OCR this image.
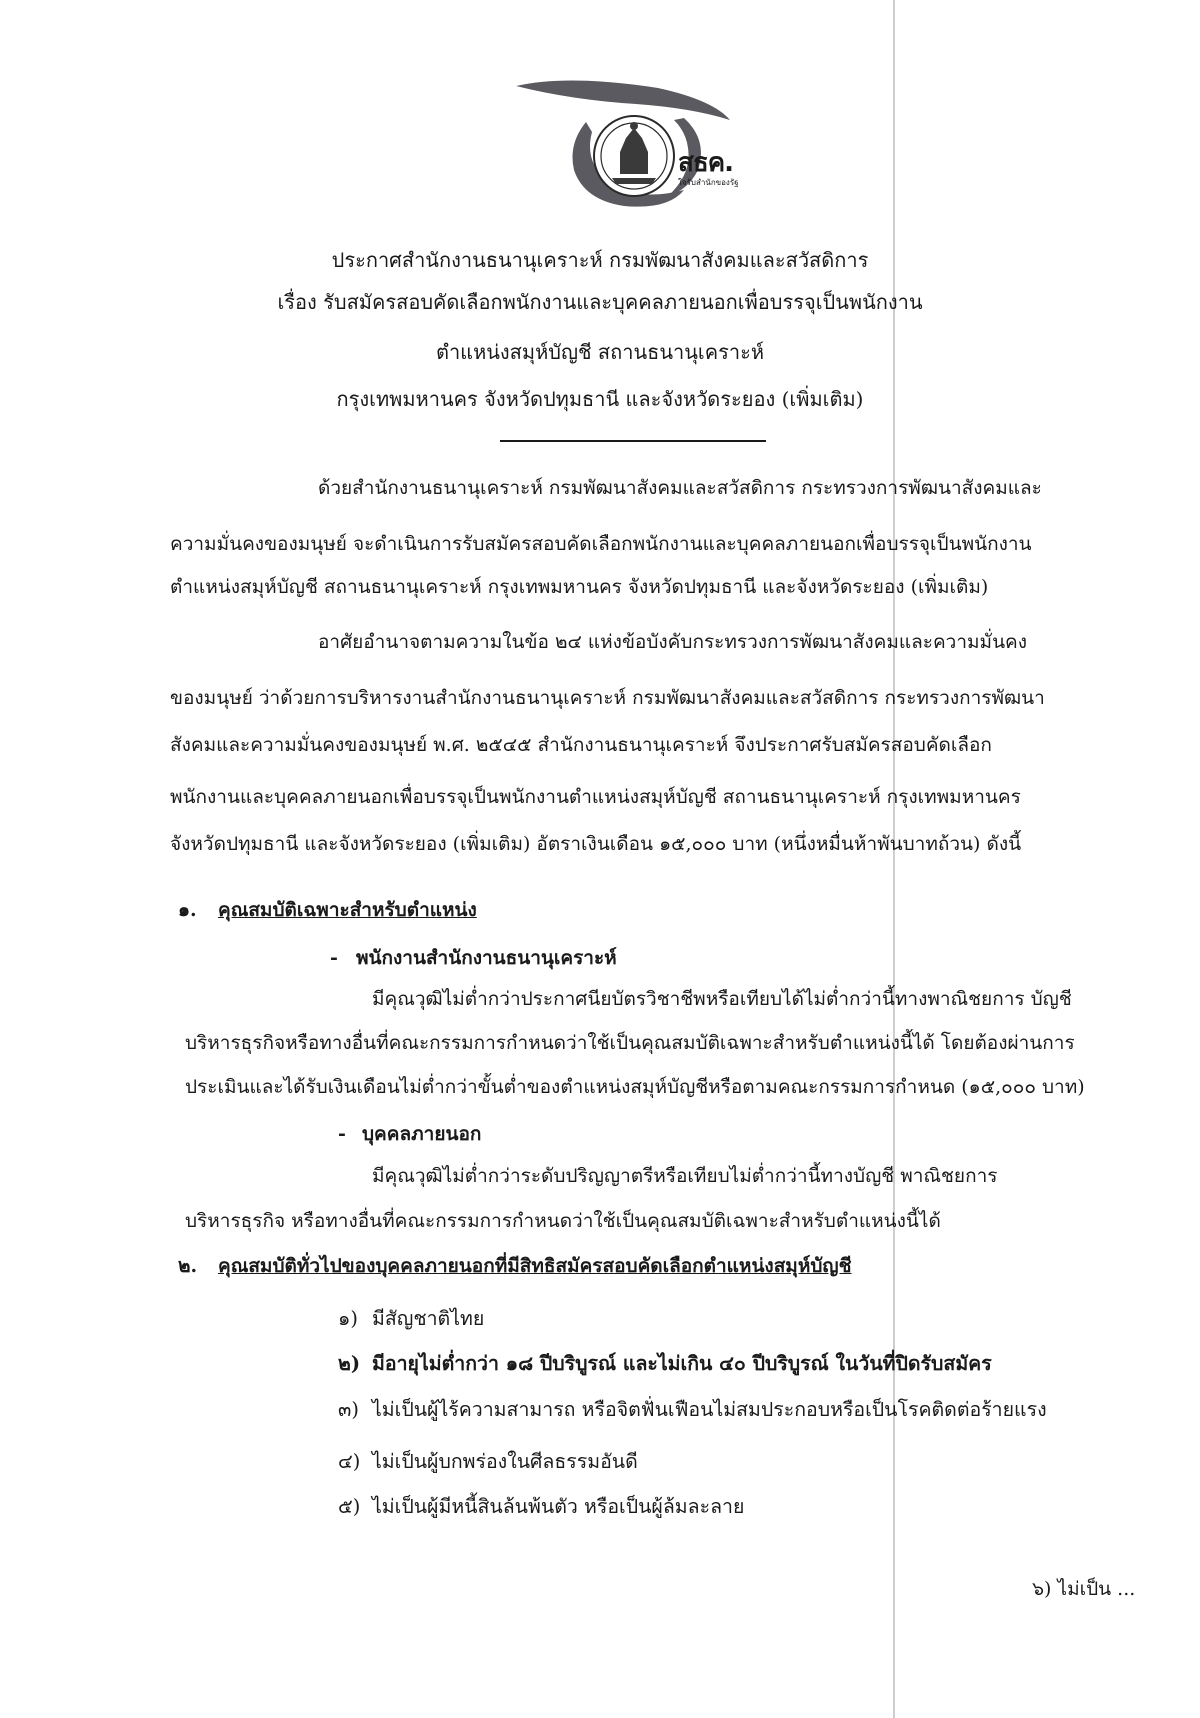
สธค.
ใจรับสำนักของรัฐ
ประกาศสำนักงานธนานุเคราะห์ กรมพัฒนาสังคมและสวัสดิการ
เรื่อง รับสมัครสอบคัดเลือกพนักงานและบุคคลภายนอกเพื่อบรรจุเป็นพนักงาน
ตำแหน่งสมุห์บัญชี สถานธนานุเคราะห์
กรุงเทพมหานคร จังหวัดปทุมธานี และจังหวัดระยอง (เพิ่มเติม)
ด้วยสำนักงานธนานุเคราะห์ กรมพัฒนาสังคมและสวัสดิการ กระทรวงการพัฒนาสังคมและ
ความมั่นคงของมนุษย์ จะดำเนินการรับสมัครสอบคัดเลือกพนักงานและบุคคลภายนอกเพื่อบรรจุเป็นพนักงาน
ตำแหน่งสมุห์บัญชี สถานธนานุเคราะห์ กรุงเทพมหานคร จังหวัดปทุมธานี และจังหวัดระยอง (เพิ่มเติม)
อาศัยอำนาจตามความในข้อ ๒๔ แห่งข้อบังคับกระทรวงการพัฒนาสังคมและความมั่นคง
ของมนุษย์ ว่าด้วยการบริหารงานสำนักงานธนานุเคราะห์ กรมพัฒนาสังคมและสวัสดิการ กระทรวงการพัฒนา
สังคมและความมั่นคงของมนุษย์ พ.ศ. ๒๕๔๕ สำนักงานธนานุเคราะห์ จึงประกาศรับสมัครสอบคัดเลือก
พนักงานและบุคคลภายนอกเพื่อบรรจุเป็นพนักงานตำแหน่งสมุห์บัญชี สถานธนานุเคราะห์ กรุงเทพมหานคร
จังหวัดปทุมธานี และจังหวัดระยอง (เพิ่มเติม) อัตราเงินเดือน ๑๕,๐๐๐ บาท (หนึ่งหมื่นห้าพันบาทถ้วน) ดังนี้
๑. คุณสมบัติเฉพาะสำหรับตำแหน่ง
- พนักงานสำนักงานธนานุเคราะห์
มีคุณวุฒิไม่ต่ำกว่าประกาศนียบัตรวิชาชีพหรือเทียบได้ไม่ต่ำกว่านี้ทางพาณิชยการ บัญชี
บริหารธุรกิจหรือทางอื่นที่คณะกรรมการกำหนดว่าใช้เป็นคุณสมบัติเฉพาะสำหรับตำแหน่งนี้ได้ โดยต้องผ่านการ
ประเมินและได้รับเงินเดือนไม่ต่ำกว่าขั้นต่ำของตำแหน่งสมุห์บัญชีหรือตามคณะกรรมการกำหนด (๑๕,๐๐๐ บาท)
- บุคคลภายนอก
มีคุณวุฒิไม่ต่ำกว่าระดับปริญญาตรีหรือเทียบไม่ต่ำกว่านี้ทางบัญชี พาณิชยการ
บริหารธุรกิจ หรือทางอื่นที่คณะกรรมการกำหนดว่าใช้เป็นคุณสมบัติเฉพาะสำหรับตำแหน่งนี้ได้
๒. คุณสมบัติทั่วไปของบุคคลภายนอกที่มีสิทธิสมัครสอบคัดเลือกตำแหน่งสมุห์บัญชี
๑) มีสัญชาติไทย
๒) มีอายุไม่ต่ำกว่า ๑๘ ปีบริบูรณ์ และไม่เกิน ๔๐ ปีบริบูรณ์ ในวันที่ปิดรับสมัคร
๓) ไม่เป็นผู้ไร้ความสามารถ หรือจิตฟั่นเฟือนไม่สมประกอบหรือเป็นโรคติดต่อร้ายแรง
๔) ไม่เป็นผู้บกพร่องในศีลธรรมอันดี
๕) ไม่เป็นผู้มีหนี้สินล้นพ้นตัว หรือเป็นผู้ล้มละลาย
๖) ไม่เป็น ...
